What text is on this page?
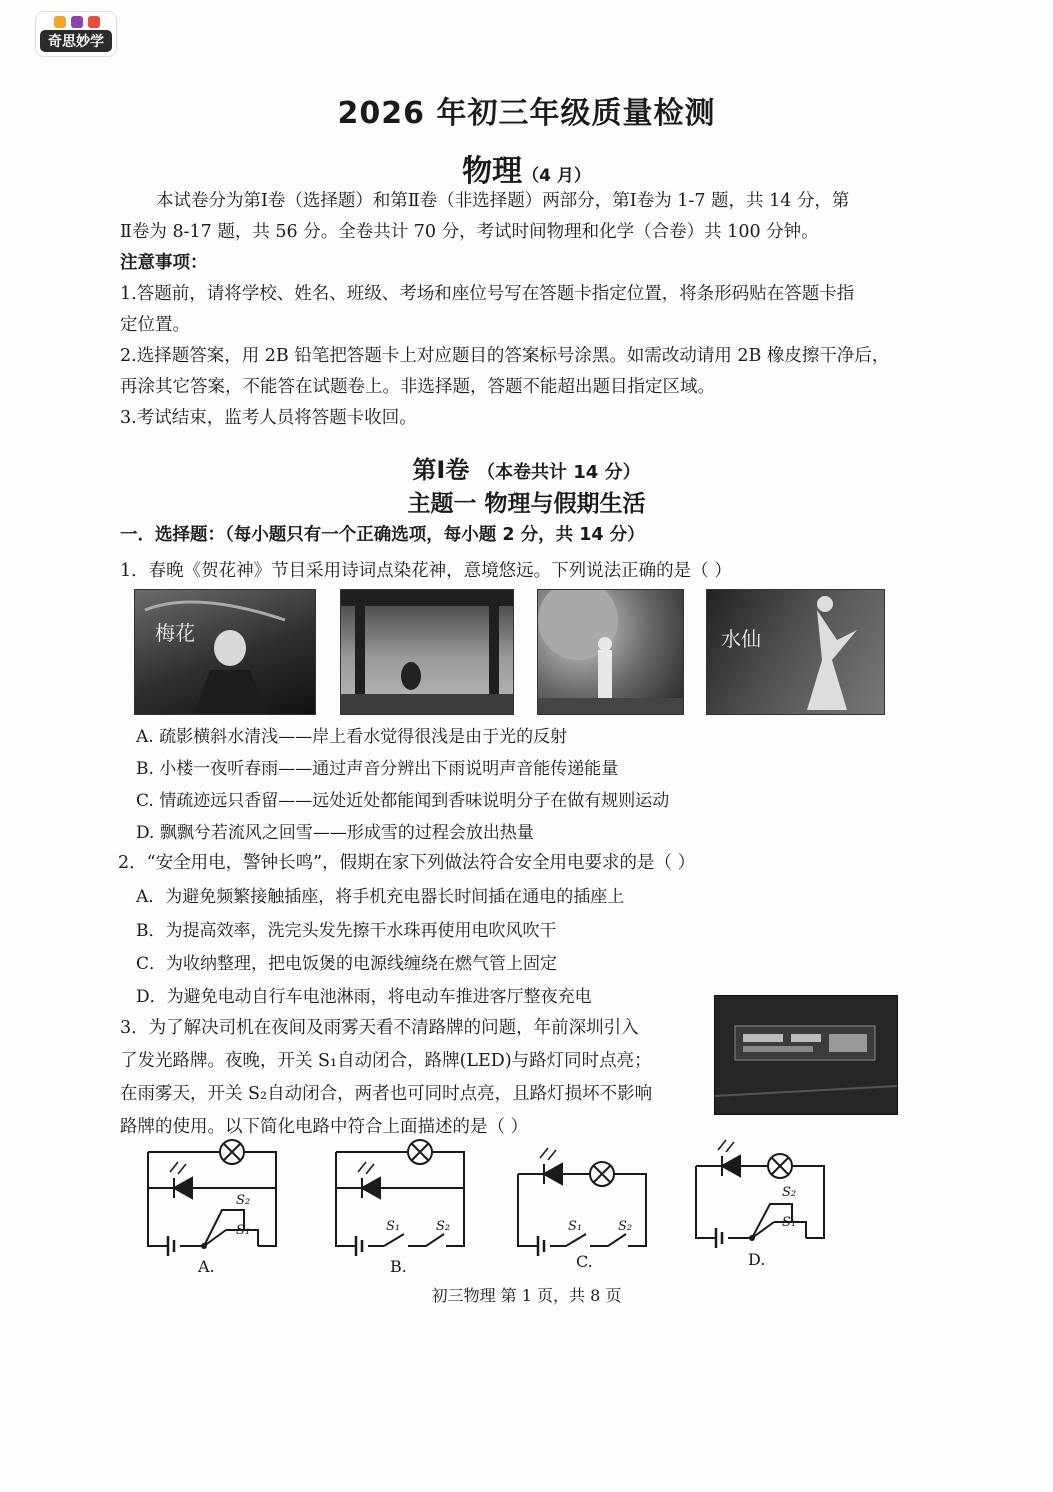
奇思妙学
2026 年初三年级质量检测
物理（4 月）

本试卷分为第Ⅰ卷（选择题）和第Ⅱ卷（非选择题）两部分，第Ⅰ卷为 1-7 题，共 14 分，第

Ⅱ卷为 8-17 题，共 56 分。全卷共计 70 分，考试时间物理和化学（合卷）共 100 分钟。

注意事项：

1.答题前，请将学校、姓名、班级、考场和座位号写在答题卡指定位置，将条形码贴在答题卡指

定位置。

2.选择题答案，用 2B 铅笔把答题卡上对应题目的答案标号涂黑。如需改动请用 2B 橡皮擦干净后，

再涂其它答案，不能答在试题卷上。非选择题，答题不能超出题目指定区域。

3.考试结束，监考人员将答题卡收回。

第Ⅰ卷 （本卷共计 14 分）
主题一 物理与假期生活
一．选择题：（每小题只有一个正确选项，每小题 2 分，共 14 分）
1．春晚《贺花神》节目采用诗词点染花神，意境悠远。下列说法正确的是（ ）
梅花	水仙
A. 疏影横斜水清浅——岸上看水觉得很浅是由于光的反射
B. 小楼一夜听春雨——通过声音分辨出下雨说明声音能传递能量
C. 情疏迹远只香留——远处近处都能闻到香味说明分子在做有规则运动
D. 飘飘兮若流风之回雪——形成雪的过程会放出热量
2．“安全用电，警钟长鸣”，假期在家下列做法符合安全用电要求的是（ ）
A．为避免频繁接触插座，将手机充电器长时间插在通电的插座上
B．为提高效率，洗完头发先擦干水珠再使用电吹风吹干
C．为收纳整理，把电饭煲的电源线缠绕在燃气管上固定
D．为避免电动自行车电池淋雨，将电动车推进客厅整夜充电

3．为了解决司机在夜间及雨雾天看不清路牌的问题，年前深圳引入

了发光路牌。夜晚，开关 S₁自动闭合，路牌(LED)与路灯同时点亮；

在雨雾天，开关 S₂自动闭合，两者也可同时点亮，且路灯损坏不影响

路牌的使用。以下简化电路中符合上面描述的是（ ）

S₂
S₁
A.
S₁	S₂
B.
S₁	S₂
C.
S₂
S₁
D.
初三物理 第 1 页，共 8 页
